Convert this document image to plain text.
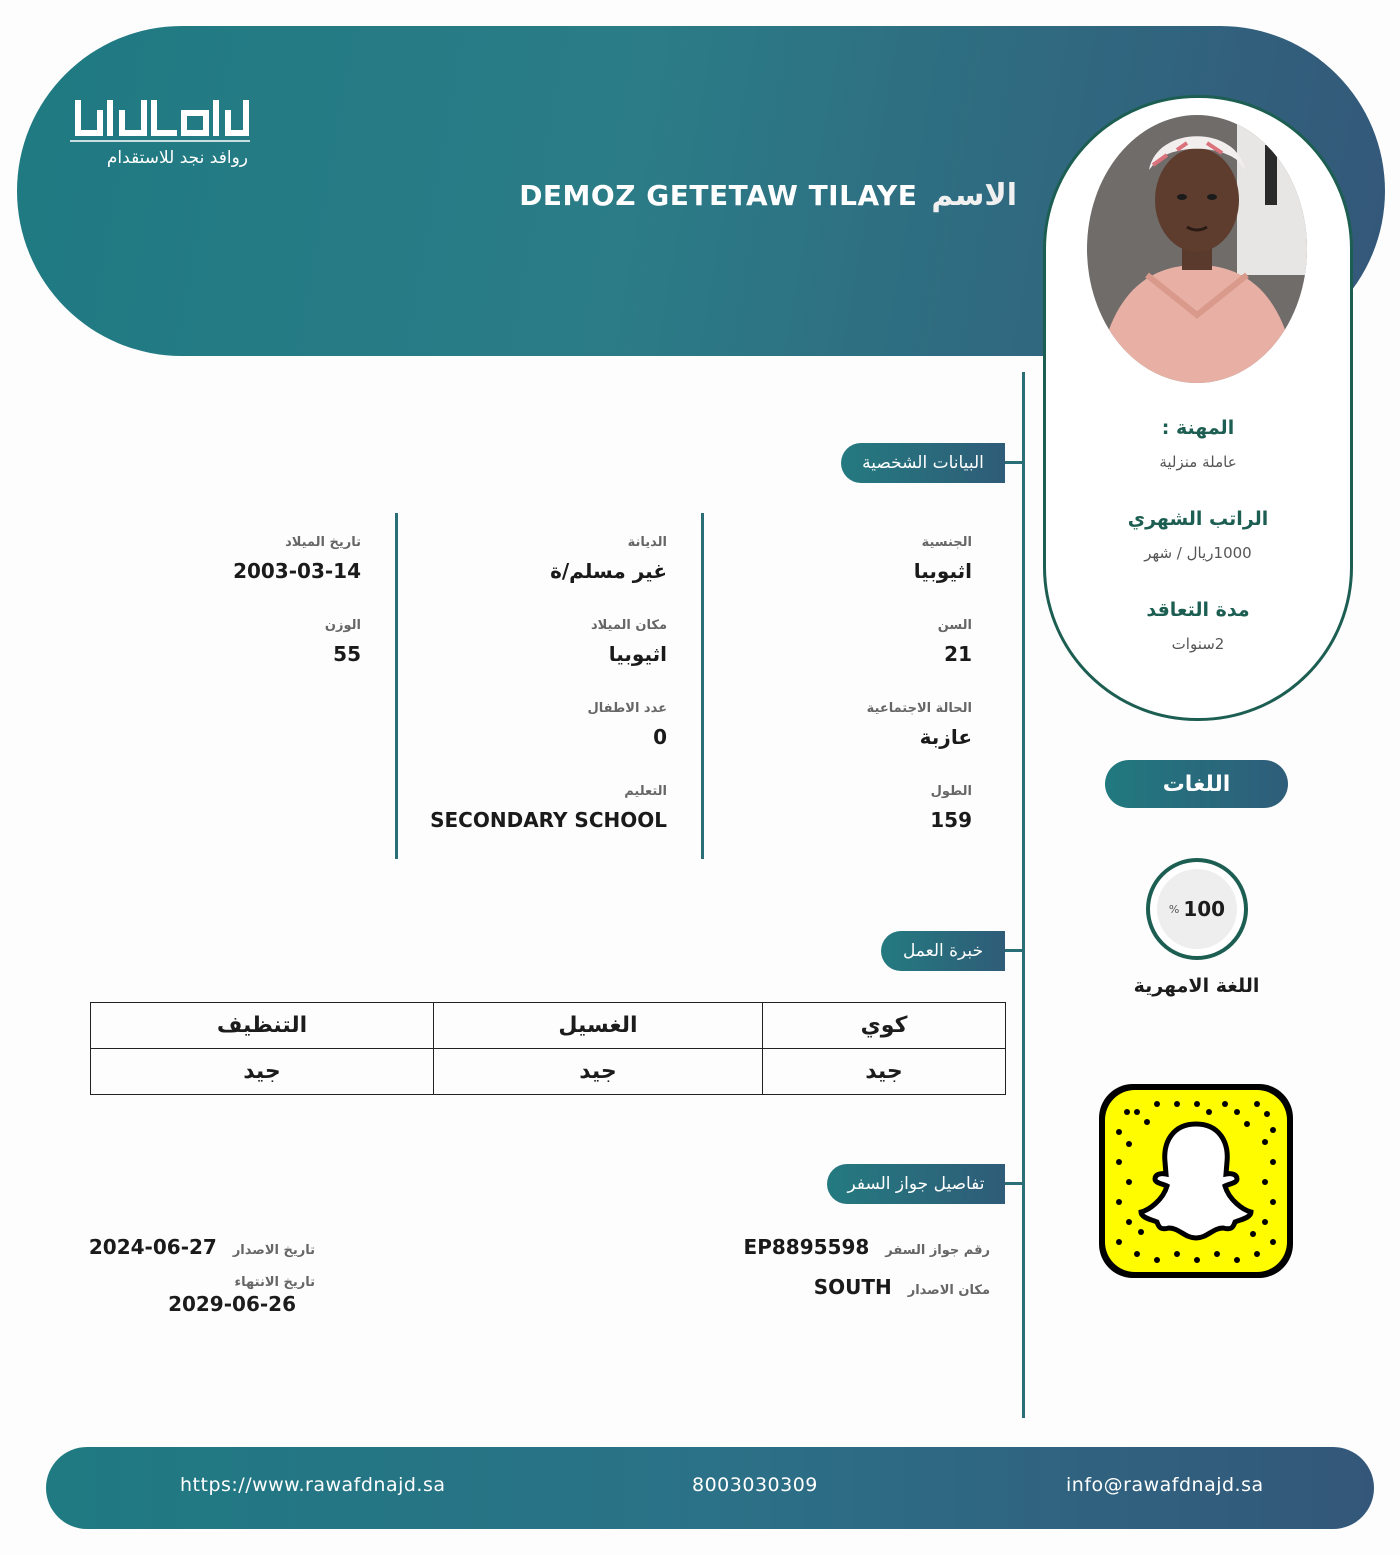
روافد نجد للاستقدام
الاسم
DEMOZ GETETAW TILAYE
المهنة :
عاملة منزلية
الراتب الشهري
1000ريال / شهر
مدة التعاقد
2سنوات
البيانات الشخصية
الجنسية
اثيوبيا
السن
21
الحالة الاجتماعية
عازبة
الطول
159
الديانة
غير مسلم/ة
مكان الميلاد
اثيوبيا
عدد الاطفال
0
التعليم
SECONDARY SCHOOL
تاريخ الميلاد
2003-03-14
الوزن
55
خبرة العمل
كوي	الغسيل	التنظيف
جيد	جيد	جيد
تفاصيل جواز السفر
رقم جواز السفر
EP8895598
مكان الاصدار
SOUTH
تاريخ الاصدار
2024-06-27
تاريخ الانتهاء
2029-06-26
اللغات
% 100
اللغة الامهرية
https://www.rawafdnajd.sa	8003030309	info@rawafdnajd.sa
